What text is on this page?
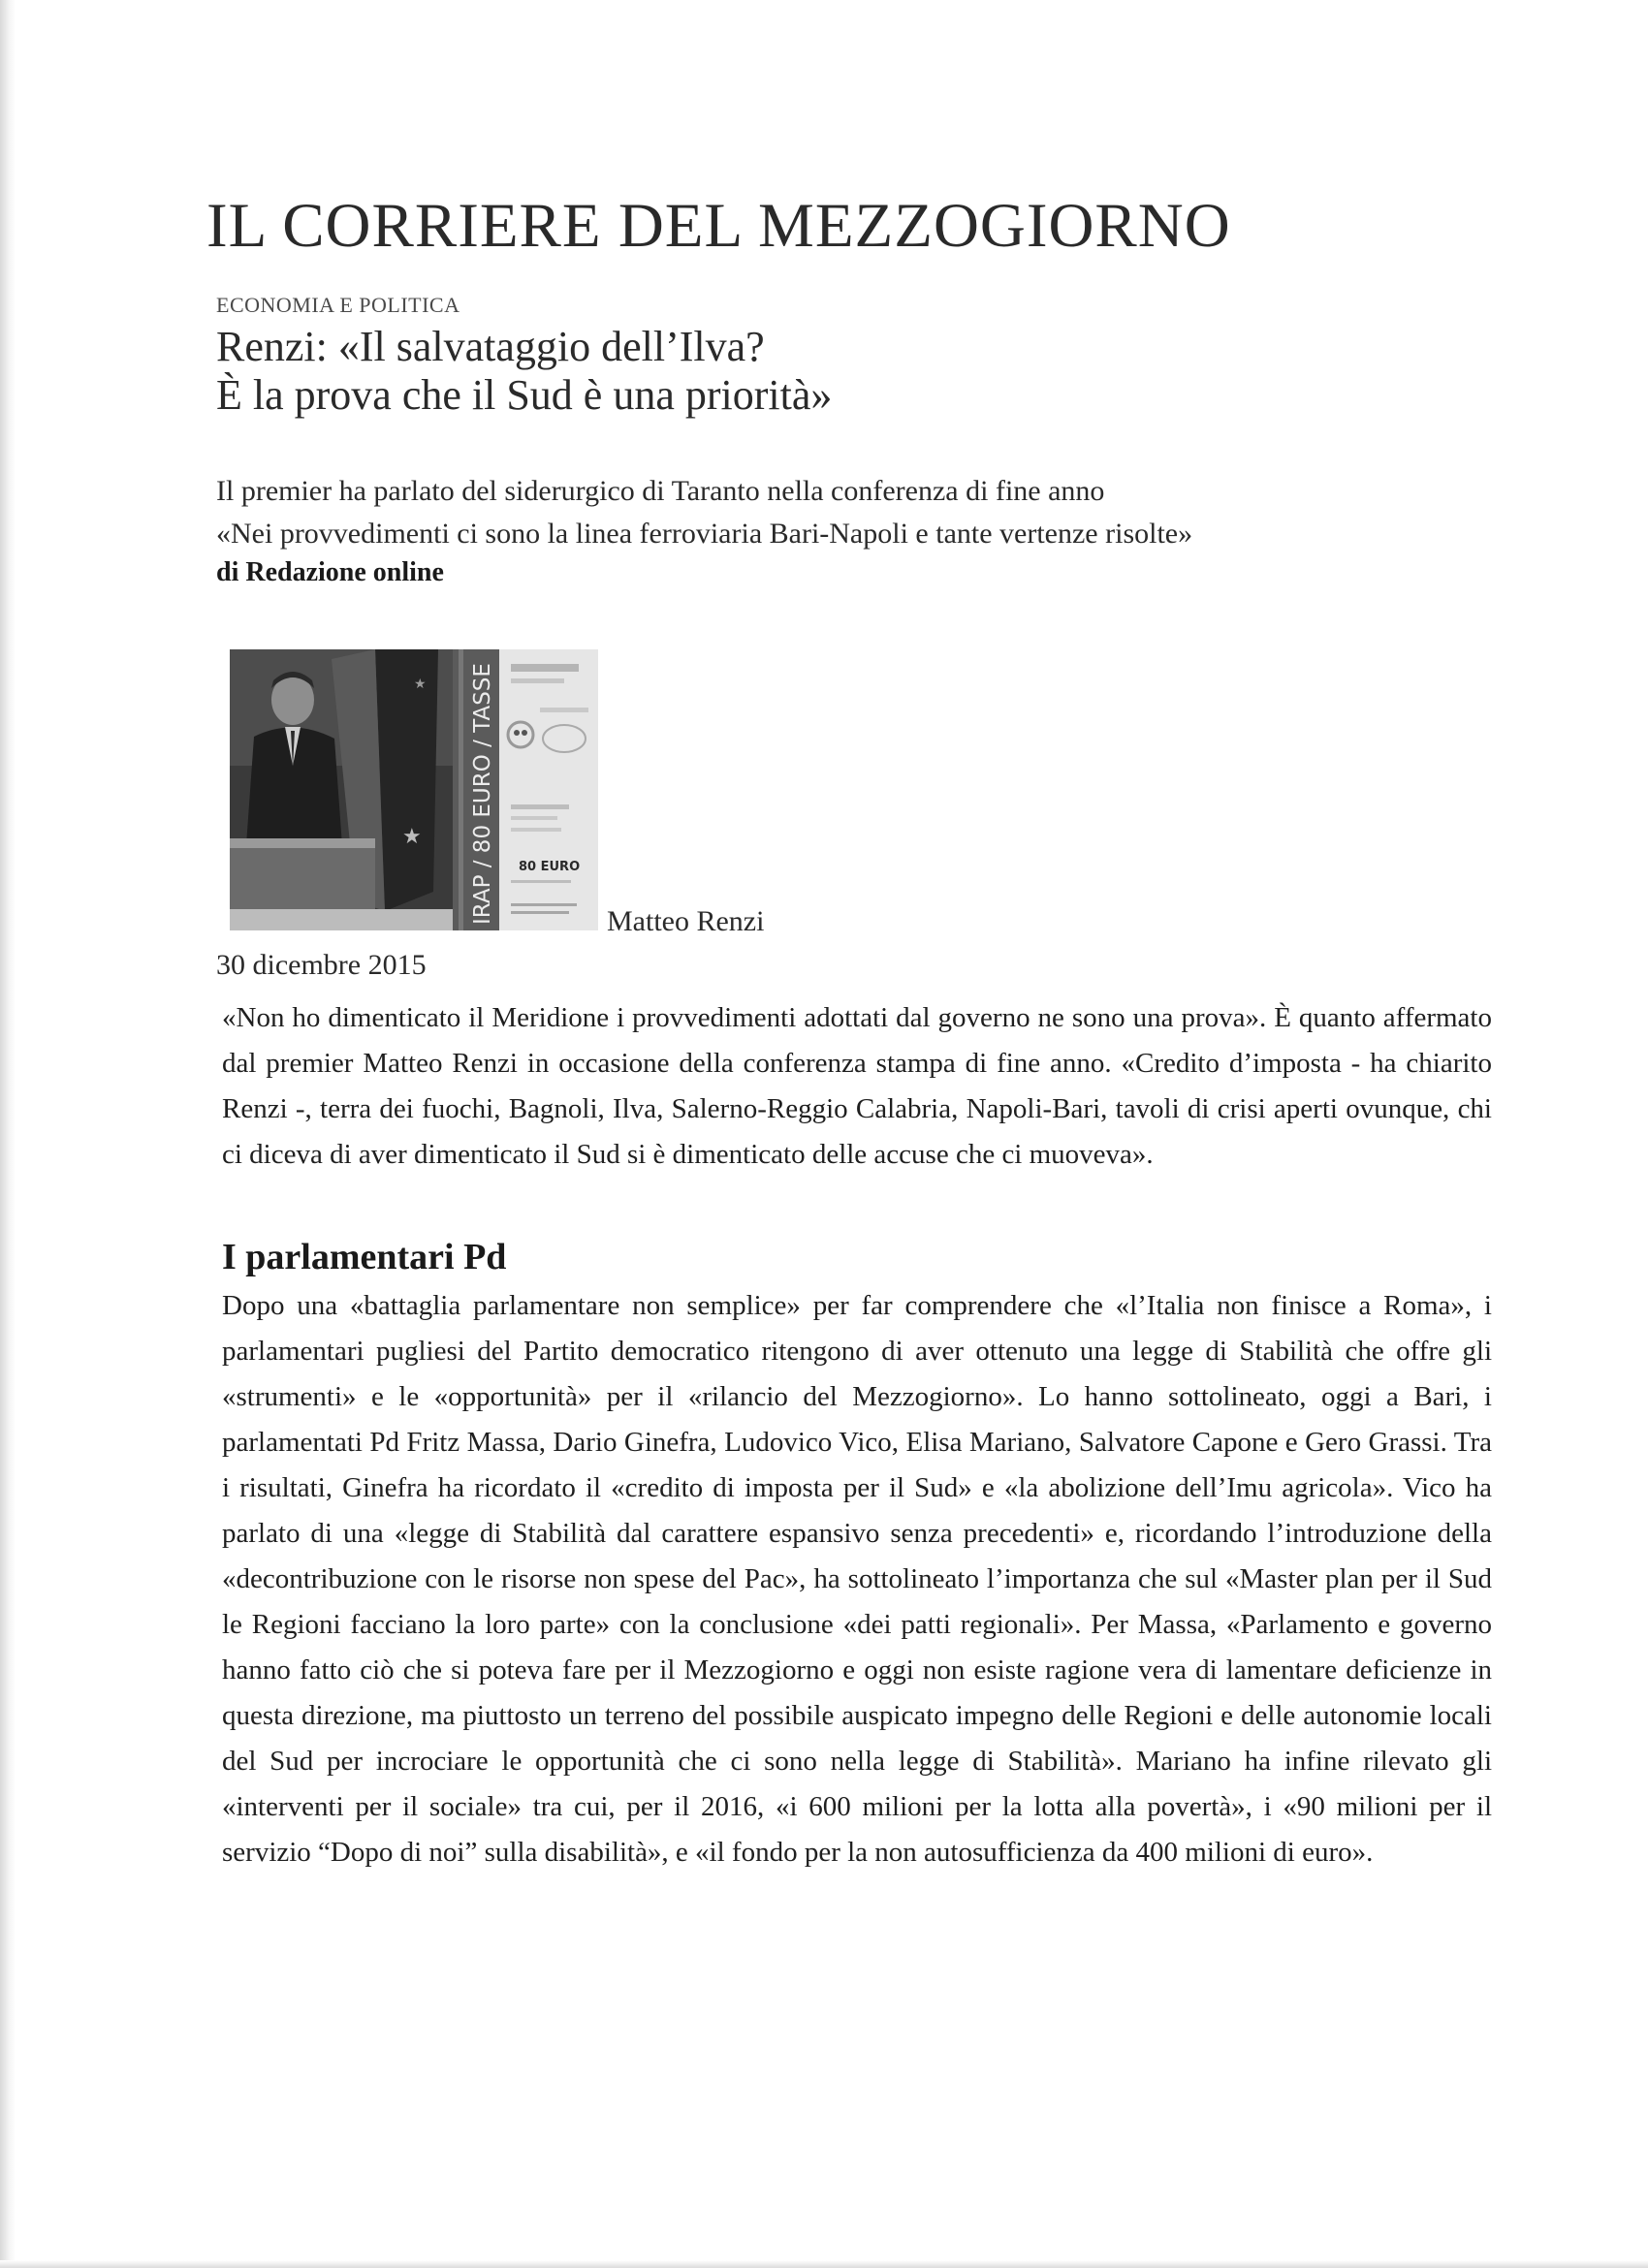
IL CORRIERE DEL MEZZOGIORNO
ECONOMIA E POLITICA
Renzi: «Il salvataggio dell’Ilva?
È la prova che il Sud è una priorità»
Il premier ha parlato del siderurgico di Taranto nella conferenza di fine anno
«Nei provvedimenti ci sono la linea ferroviaria Bari-Napoli e tante vertenze risolte»
di Redazione online
★
★ IRAP / 80 EURO / TASSE 80 EURO
Matteo Renzi
30 dicembre 2015

«Non ho dimenticato il Meridione i provvedimenti adottati dal governo ne sono una prova». È quanto affermato dal premier Matteo Renzi in occasione della conferenza stampa di fine anno. «Credito d’imposta - ha chiarito Renzi -, terra dei fuochi, Bagnoli, Ilva, Salerno-Reggio Calabria, Napoli-Bari, tavoli di crisi aperti ovunque, chi ci diceva di aver dimenticato il Sud si è dimenticato delle accuse che ci muoveva».

I parlamentari Pd

Dopo una «battaglia parlamentare non semplice» per far comprendere che «l’Italia non finisce a Roma», i parlamentari pugliesi del Partito democratico ritengono di aver ottenuto una legge di Stabilità che offre gli «strumenti» e le «opportunità» per il «rilancio del Mezzogiorno». Lo hanno sottolineato, oggi a Bari, i parlamentati Pd Fritz Massa, Dario Ginefra, Ludovico Vico, Elisa Mariano, Salvatore Capone e Gero Grassi. Tra i risultati, Ginefra ha ricordato il «credito di imposta per il Sud» e «la abolizione dell’Imu agricola». Vico ha parlato di una «legge di Stabilità dal carattere espansivo senza precedenti» e, ricordando l’introduzione della «decontribuzione con le risorse non spese del Pac», ha sottolineato l’importanza che sul «Master plan per il Sud le Regioni facciano la loro parte» con la conclusione «dei patti regionali». Per Massa, «Parlamento e governo hanno fatto ciò che si poteva fare per il Mezzogiorno e oggi non esiste ragione vera di lamentare deficienze in questa direzione, ma piuttosto un terreno del possibile auspicato impegno delle Regioni e delle autonomie locali del Sud per incrociare le opportunità che ci sono nella legge di Stabilità». Mariano ha infine rilevato gli «interventi per il sociale» tra cui, per il 2016, «i 600 milioni per la lotta alla povertà», i «90 milioni per il servizio “Dopo di noi” sulla disabilità», e «il fondo per la non autosufficienza da 400 milioni di euro».
